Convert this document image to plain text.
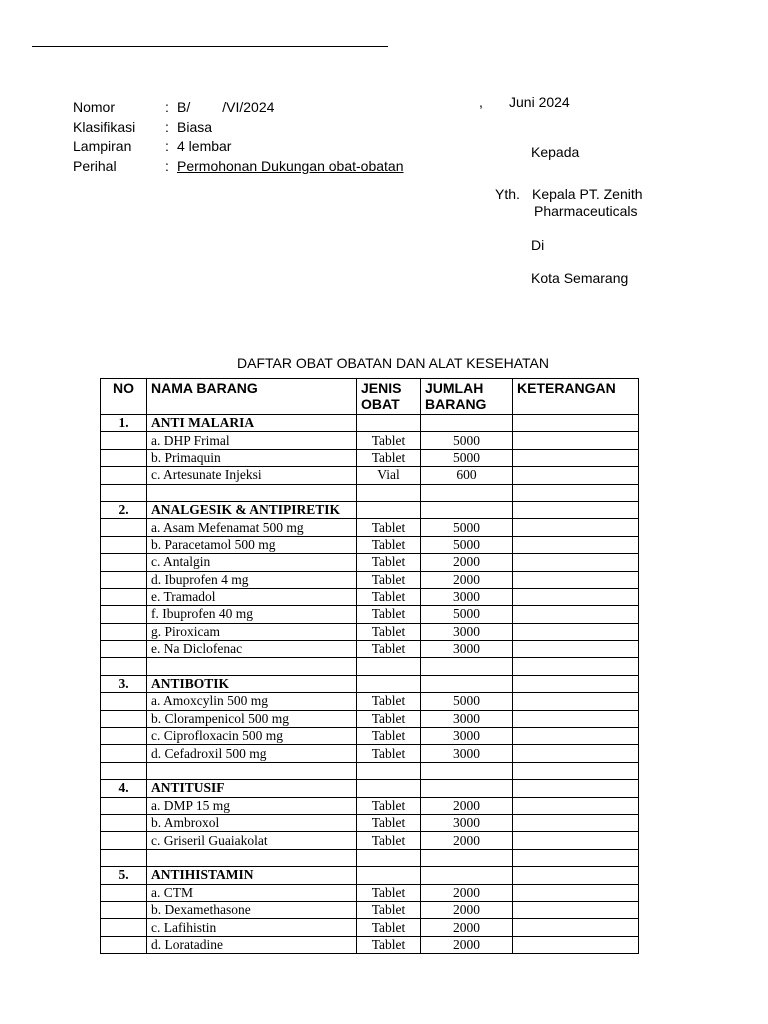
Nomor	: B/ /VI/2024
Klasifikasi	: Biasa
Lampiran	: 4 lembar
Perihal	: Permohonan Dukungan obat-obatan
, Juni 2024
Kepada
Yth. Kepala PT. Zenith
Pharmaceuticals
Di
Kota Semarang
DAFTAR OBAT OBATAN DAN ALAT KESEHATAN
NO	NAMA BARANG	JENIS OBAT	JUMLAH BARANG	KETERANGAN
1.	ANTI MALARIA			
	a. DHP Frimal	Tablet	5000	
	b. Primaquin	Tablet	5000	
	c. Artesunate Injeksi	Vial	600	

2.	ANALGESIK & ANTIPIRETIK			
	a. Asam Mefenamat 500 mg	Tablet	5000	
	b. Paracetamol 500 mg	Tablet	5000	
	c. Antalgin	Tablet	2000	
	d. Ibuprofen 4 mg	Tablet	2000	
	e. Tramadol	Tablet	3000	
	f. Ibuprofen 40 mg	Tablet	5000	
	g. Piroxicam	Tablet	3000	
	e. Na Diclofenac	Tablet	3000	

3.	ANTIBOTIK			
	a. Amoxcylin 500 mg	Tablet	5000	
	b. Clorampenicol 500 mg	Tablet	3000	
	c. Ciprofloxacin 500 mg	Tablet	3000	
	d. Cefadroxil 500 mg	Tablet	3000	

4.	ANTITUSIF			
	a. DMP 15 mg	Tablet	2000	
	b. Ambroxol	Tablet	3000	
	c. Griseril Guaiakolat	Tablet	2000	

5.	ANTIHISTAMIN			
	a. CTM	Tablet	2000	
	b. Dexamethasone	Tablet	2000	
	c. Lafihistin	Tablet	2000	
	d. Loratadine	Tablet	2000	
